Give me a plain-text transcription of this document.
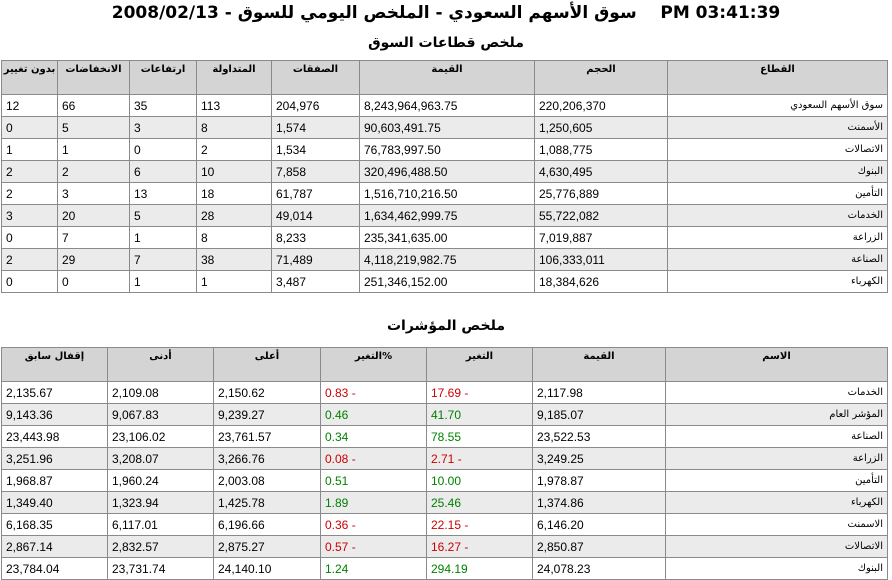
سوق الأسهم السعودي - الملخص اليومي للسوق - 2008/02/13 PM 03:41:39
ملخص قطاعات السوق
القطاع	الحجم	القيمة	الصفقات	المتداولة	ارتفاعات	الانخفاضات	بدون تغيير
سوق الأسهم السعودي	220,206,370	8,243,964,963.75	204,976	113	35	66	12
الأسمنت	1,250,605	90,603,491.75	1,574	8	3	5	0
الاتصالات	1,088,775	76,783,997.50	1,534	2	0	1	1
البنوك	4,630,495	320,496,488.50	7,858	10	6	2	2
التأمين	25,776,889	1,516,710,216.50	61,787	18	13	3	2
الخدمات	55,722,082	1,634,462,999.75	49,014	28	5	20	3
الزراعة	7,019,887	235,341,635.00	8,233	8	1	7	0
الصناعة	106,333,011	4,118,219,982.75	71,489	38	7	29	2
الكهرباء	18,384,626	251,346,152.00	3,487	1	1	0	0
ملخص المؤشرات
الاسم	القيمة	التغير	%التغير	أعلى	أدنى	إقفال سابق
الخدمات	2,117.98	- 17.69	- 0.83	2,150.62	2,109.08	2,135.67
المؤشر العام	9,185.07	41.70	0.46	9,239.27	9,067.83	9,143.36
الصناعة	23,522.53	78.55	0.34	23,761.57	23,106.02	23,443.98
الزراعة	3,249.25	- 2.71	- 0.08	3,266.76	3,208.07	3,251.96
التأمين	1,978.87	10.00	0.51	2,003.08	1,960.24	1,968.87
الكهرباء	1,374.86	25.46	1.89	1,425.78	1,323.94	1,349.40
الاسمنت	6,146.20	- 22.15	- 0.36	6,196.66	6,117.01	6,168.35
الاتصالات	2,850.87	- 16.27	- 0.57	2,875.27	2,832.57	2,867.14
البنوك	24,078.23	294.19	1.24	24,140.10	23,731.74	23,784.04
